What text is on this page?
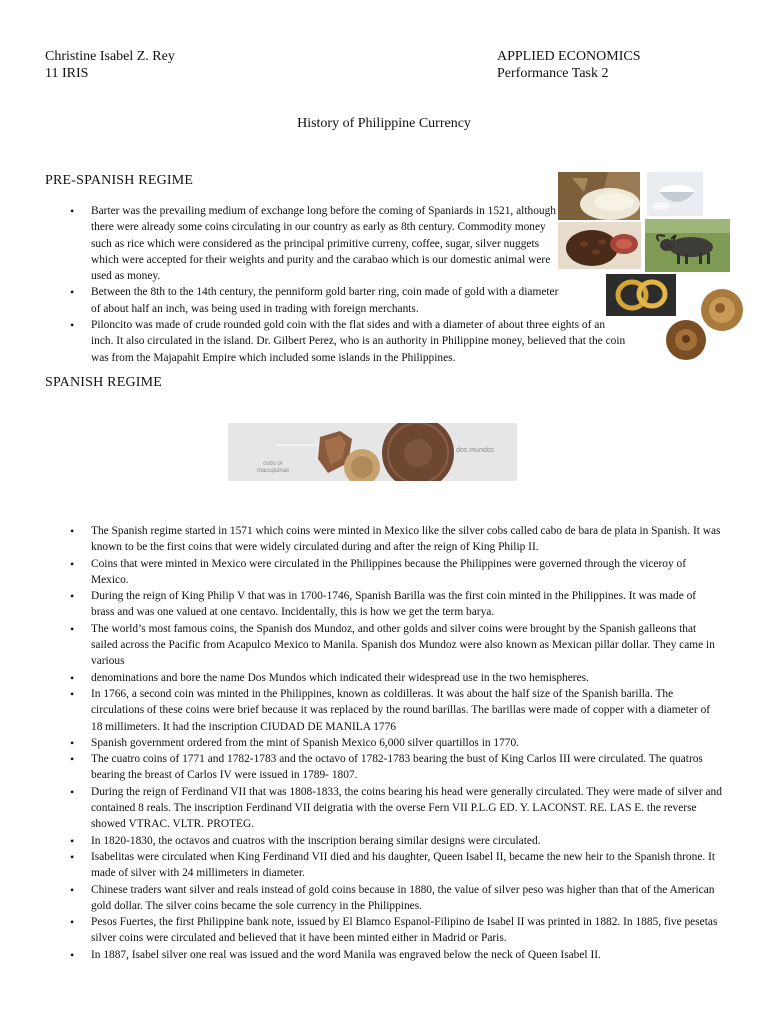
Christine Isabel Z. Rey
11 IRIS
APPLIED ECONOMICS
Performance Task 2
History of Philippine Currency
PRE-SPANISH REGIME
• Barter was the prevailing medium of exchange long before the coming of Spaniards in 1521, although there were already some coins circulating in our country as early as 8th century. Commodity money such as rice which were considered as the principal primitive curreny, coffee, sugar, silver nuggets which were accepted for their weights and purity and the carabao which is our domestic animal were used as money.
• Between the 8th to the 14th century, the penniform gold barter ring, coin made of gold with a diameter of about half an inch, was being used in trading with foreign merchants.
• Piloncito was made of crude rounded gold coin with the flat sides and with a diameter of about three eights of an inch. It also circulated in the island. Dr. Gilbert Perez, who is an authority in Philippine money, believed that the coin was from the Majapahit Empire which included some islands in the Philippines.
SPANISH REGIME
cobs or macuquinas
dos mundos
• The Spanish regime started in 1571 which coins were minted in Mexico like the silver cobs called cabo de bara de plata in Spanish. It was known to be the first coins that were widely circulated during and after the reign of King Philip II.
• Coins that were minted in Mexico were circulated in the Philippines because the Philippines were governed through the viceroy of Mexico.
• During the reign of King Philip V that was in 1700-1746, Spanish Barilla was the first coin minted in the Philippines. It was made of brass and was one valued at one centavo. Incidentally, this is how we get the term barya.
• The world’s most famous coins, the Spanish dos Mundoz, and other golds and silver coins were brought by the Spanish galleons that sailed across the Pacific from Acapulco Mexico to Manila. Spanish dos Mundoz were also known as Mexican pillar dollar. They came in various
• denominations and bore the name Dos Mundos which indicated their widespread use in the two hemispheres.
• In 1766, a second coin was minted in the Philippines, known as coldilleras. It was about the half size of the Spanish barilla. The circulations of these coins were brief because it was replaced by the round barillas. The barillas were made of copper with a diameter of 18 millimeters. It had the inscription CIUDAD DE MANILA 1776
• Spanish government ordered from the mint of Spanish Mexico 6,000 silver quartillos in 1770.
• The cuatro coins of 1771 and 1782-1783 and the octavo of 1782-1783 bearing the bust of King Carlos III were circulated. The quatros bearing the breast of Carlos IV were issued in 1789- 1807.
• During the reign of Ferdinand VII that was 1808-1833, the coins bearing his head were generally circulated. They were made of silver and contained 8 reals. The inscription Ferdinand VII deigratia with the overse Fern VII P.L.G ED. Y. LACONST. RE. LAS E. the reverse showed VTRAC. VLTR. PROTEG.
• In 1820-1830, the octavos and cuatros with the inscription beraing similar designs were circulated.
• Isabelitas were circulated when King Ferdinand VII died and his daughter, Queen Isabel II, became the new heir to the Spanish throne. It made of silver with 24 millimeters in diameter.
• Chinese traders want silver and reals instead of gold coins because in 1880, the value of silver peso was higher than that of the American gold dollar. The silver coins became the sole currency in the Philippines.
• Pesos Fuertes, the first Philippine bank note, issued by El Blamco Espanol-Filipino de Isabel II was printed in 1882. In 1885, five pesetas silver coins were circulated and believed that it have been minted either in Madrid or Paris.
• In 1887, Isabel silver one real was issued and the word Manila was engraved below the neck of Queen Isabel II.
